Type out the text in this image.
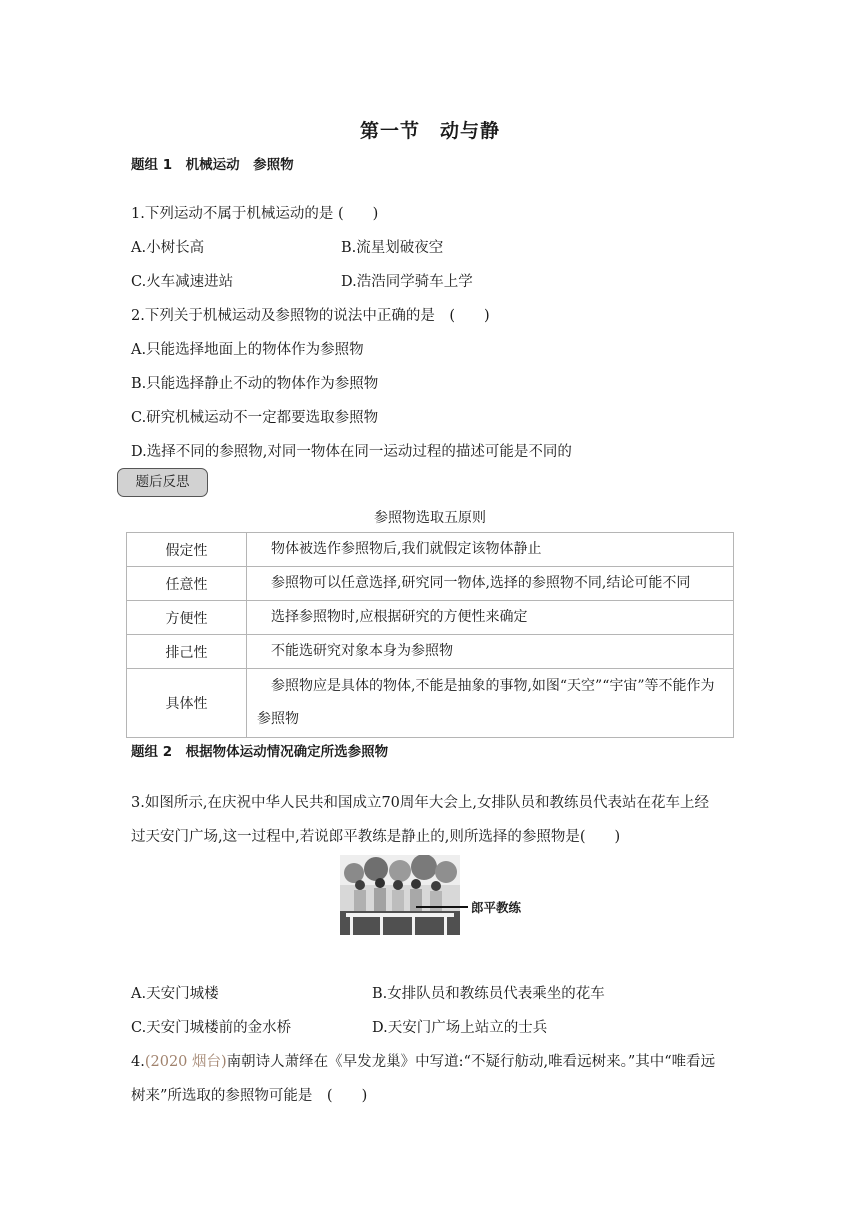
第一节　动与静
题组 1　机械运动　参照物
1.下列运动不属于机械运动的是 (　　)
A.小树长高	B.流星划破夜空
C.火车减速进站	D.浩浩同学骑车上学
2.下列关于机械运动及参照物的说法中正确的是　(　　)
A.只能选择地面上的物体作为参照物
B.只能选择静止不动的物体作为参照物
C.研究机械运动不一定都要选取参照物
D.选择不同的参照物,对同一物体在同一运动过程的描述可能是不同的
题后反思
参照物选取五原则
假定性	物体被选作参照物后,我们就假定该物体静止
任意性	参照物可以任意选择,研究同一物体,选择的参照物不同,结论可能不同
方便性	选择参照物时,应根据研究的方便性来确定
排己性	不能选研究对象本身为参照物
具体性	参照物应是具体的物体,不能是抽象的事物,如图“天空”“宇宙”等不能作为参照物
题组 2　根据物体运动情况确定所选参照物
3.如图所示,在庆祝中华人民共和国成立70周年大会上,女排队员和教练员代表站在花车上经
过天安门广场,这一过程中,若说郎平教练是静止的,则所选择的参照物是(　　)
郎平教练
A.天安门城楼	B.女排队员和教练员代表乘坐的花车
C.天安门城楼前的金水桥	D.天安门广场上站立的士兵
4.(2020 烟台)南朝诗人萧绎在《早发龙巢》中写道:“不疑行舫动,唯看远树来。”其中“唯看远
树来”所选取的参照物可能是　(　　)
